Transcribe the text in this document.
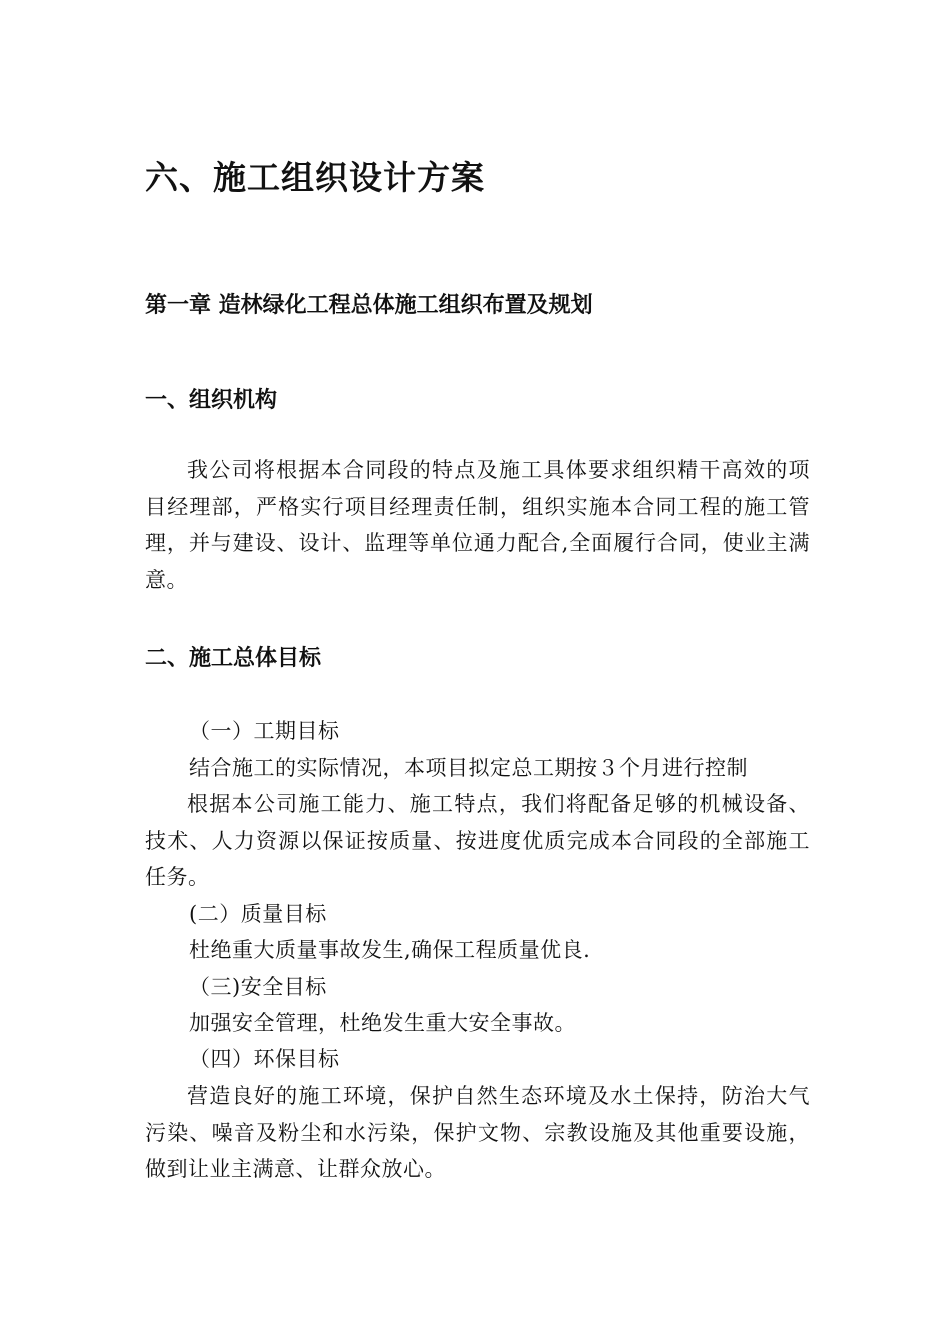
六、施工组织设计方案
第一章 造林绿化工程总体施工组织布置及规划
一、组织机构
我公司将根据本合同段的特点及施工具体要求组织精干高效的项目经理部，严格实行项目经理责任制，组织实施本合同工程的施工管理，并与建设、设计、监理等单位通力配合,全面履行合同，使业主满意。
二、施工总体目标
（一）工期目标
结合施工的实际情况，本项目拟定总工期按３个月进行控制
根据本公司施工能力、施工特点，我们将配备足够的机械设备、技术、人力资源以保证按质量、按进度优质完成本合同段的全部施工任务。
(二）质量目标
杜绝重大质量事故发生,确保工程质量优良.
（三)安全目标
加强安全管理，杜绝发生重大安全事故。
（四）环保目标
营造良好的施工环境，保护自然生态环境及水土保持，防治大气污染、噪音及粉尘和水污染，保护文物、宗教设施及其他重要设施，做到让业主满意、让群众放心。
